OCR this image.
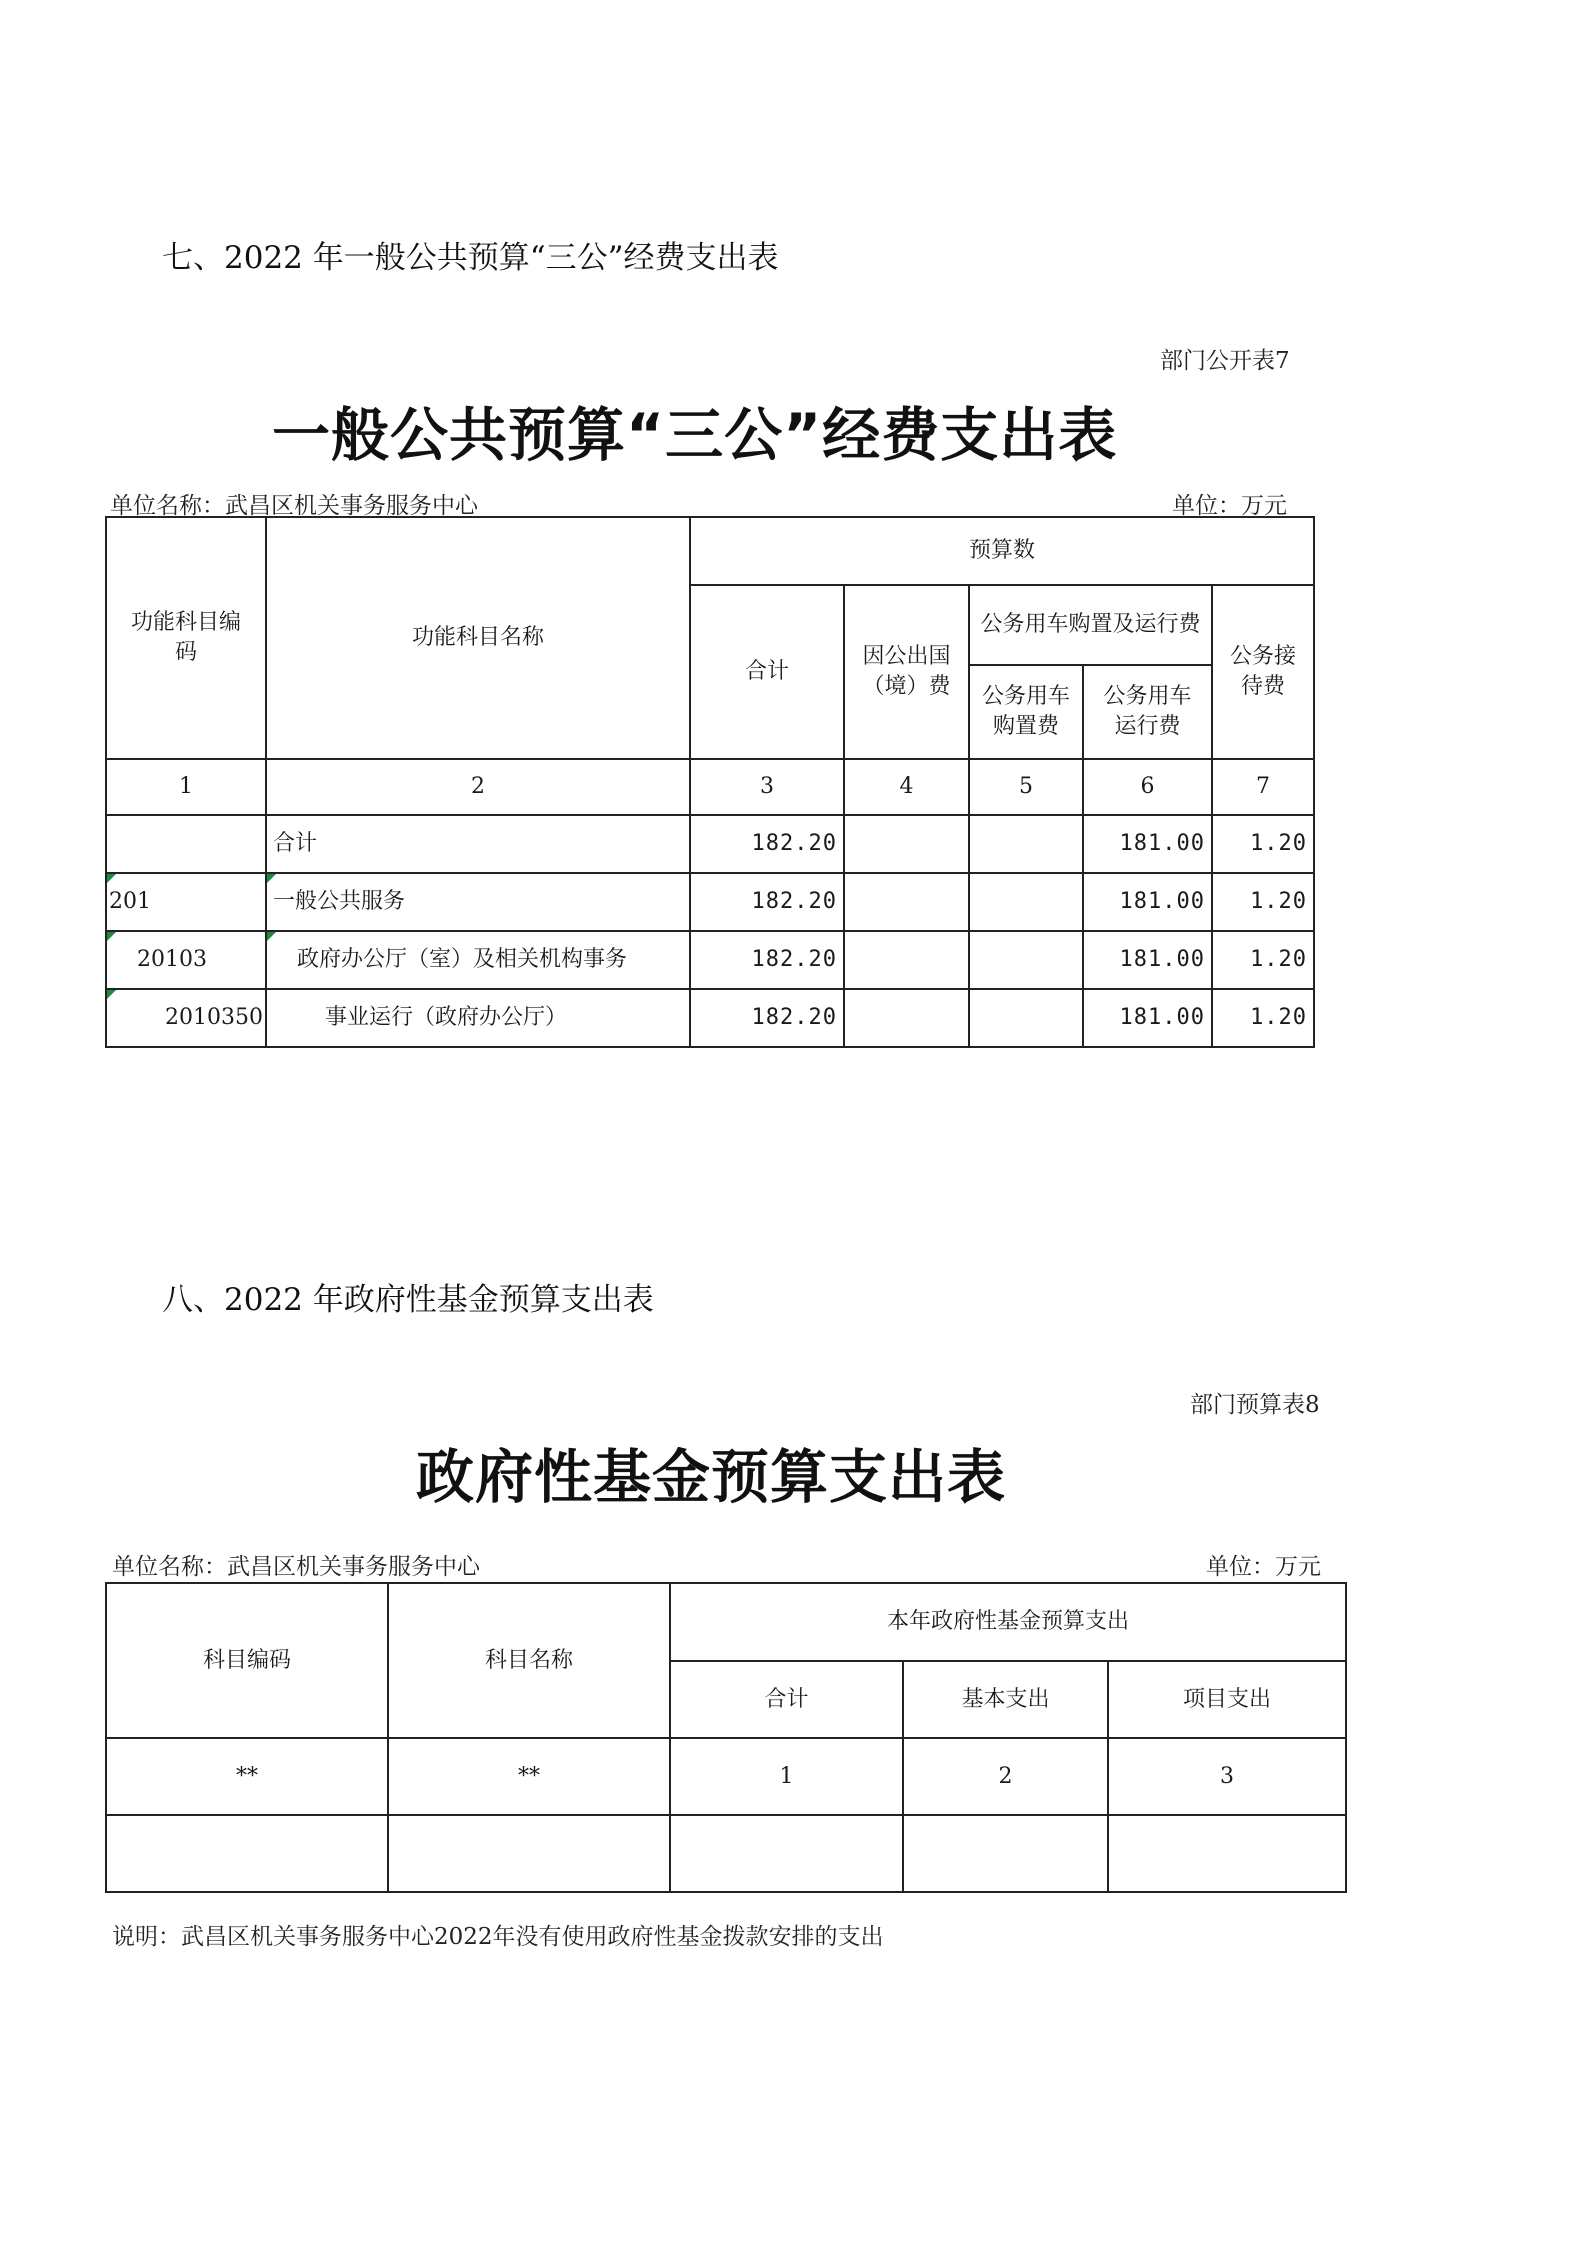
七、2022 年一般公共预算“三公”经费支出表
部门公开表7
一般公共预算“三公”经费支出表
单位名称：武昌区机关事务服务中心	单位：万元
功能科目编码	功能科目名称	预算数				
		合计	因公出国（境）费	公务用车购置及运行费		公务接待费
				公务用车购置费	公务用车运行费	
1	2	3	4	5	6	7
	合计	182.20			181.00	1.20

201	一般公共服务	182.20			181.00	1.20

20103	政府办公厅（室）及相关机构事务	182.20			181.00	1.20

2010350	事业运行（政府办公厅）	182.20			181.00	1.20
八、2022 年政府性基金预算支出表
部门预算表8
政府性基金预算支出表
单位名称：武昌区机关事务服务中心	单位：万元
科目编码	科目名称	本年政府性基金预算支出		
		合计	基本支出	项目支出
**	**	1	2	3

说明：武昌区机关事务服务中心2022年没有使用政府性基金拨款安排的支出
